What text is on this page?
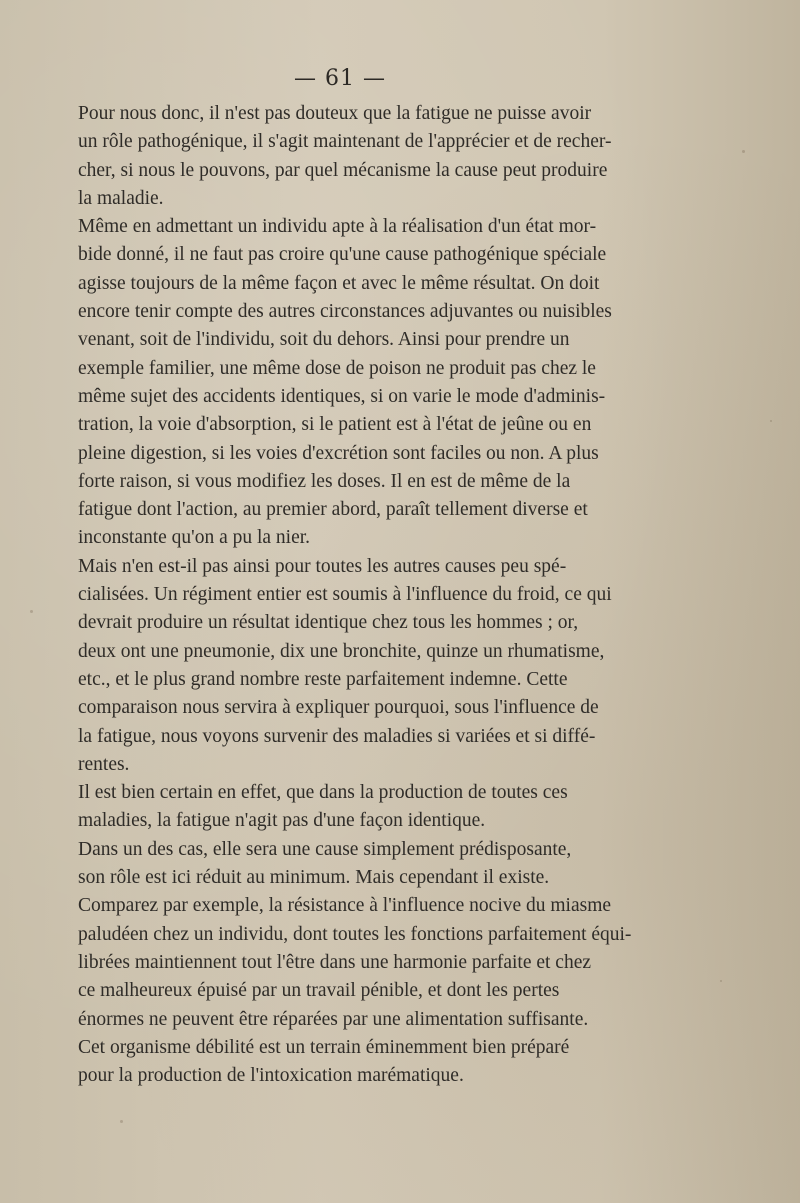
— 61 —

Pour nous donc, il n'est pas douteux que la fatigue ne puisse avoir
un rôle pathogénique, il s'agit maintenant de l'apprécier et de recher-
cher, si nous le pouvons, par quel mécanisme la cause peut produire
la maladie.

Même en admettant un individu apte à la réalisation d'un état mor-
bide donné, il ne faut pas croire qu'une cause pathogénique spéciale
agisse toujours de la même façon et avec le même résultat. On doit
encore tenir compte des autres circonstances adjuvantes ou nuisibles
venant, soit de l'individu, soit du dehors. Ainsi pour prendre un
exemple familier, une même dose de poison ne produit pas chez le
même sujet des accidents identiques, si on varie le mode d'adminis-
tration, la voie d'absorption, si le patient est à l'état de jeûne ou en
pleine digestion, si les voies d'excrétion sont faciles ou non. A plus
forte raison, si vous modifiez les doses. Il en est de même de la
fatigue dont l'action, au premier abord, paraît tellement diverse et
inconstante qu'on a pu la nier.

Mais n'en est-il pas ainsi pour toutes les autres causes peu spé-
cialisées. Un régiment entier est soumis à l'influence du froid, ce qui
devrait produire un résultat identique chez tous les hommes ; or,
deux ont une pneumonie, dix une bronchite, quinze un rhumatisme,
etc., et le plus grand nombre reste parfaitement indemne. Cette
comparaison nous servira à expliquer pourquoi, sous l'influence de
la fatigue, nous voyons survenir des maladies si variées et si diffé-
rentes.

Il est bien certain en effet, que dans la production de toutes ces
maladies, la fatigue n'agit pas d'une façon identique.

Dans un des cas, elle sera une cause simplement prédisposante,
son rôle est ici réduit au minimum. Mais cependant il existe.
Comparez par exemple, la résistance à l'influence nocive du miasme
paludéen chez un individu, dont toutes les fonctions parfaitement équi-
librées maintiennent tout l'être dans une harmonie parfaite et chez
ce malheureux épuisé par un travail pénible, et dont les pertes
énormes ne peuvent être réparées par une alimentation suffisante.
Cet organisme débilité est un terrain éminemment bien préparé
pour la production de l'intoxication marématique.
